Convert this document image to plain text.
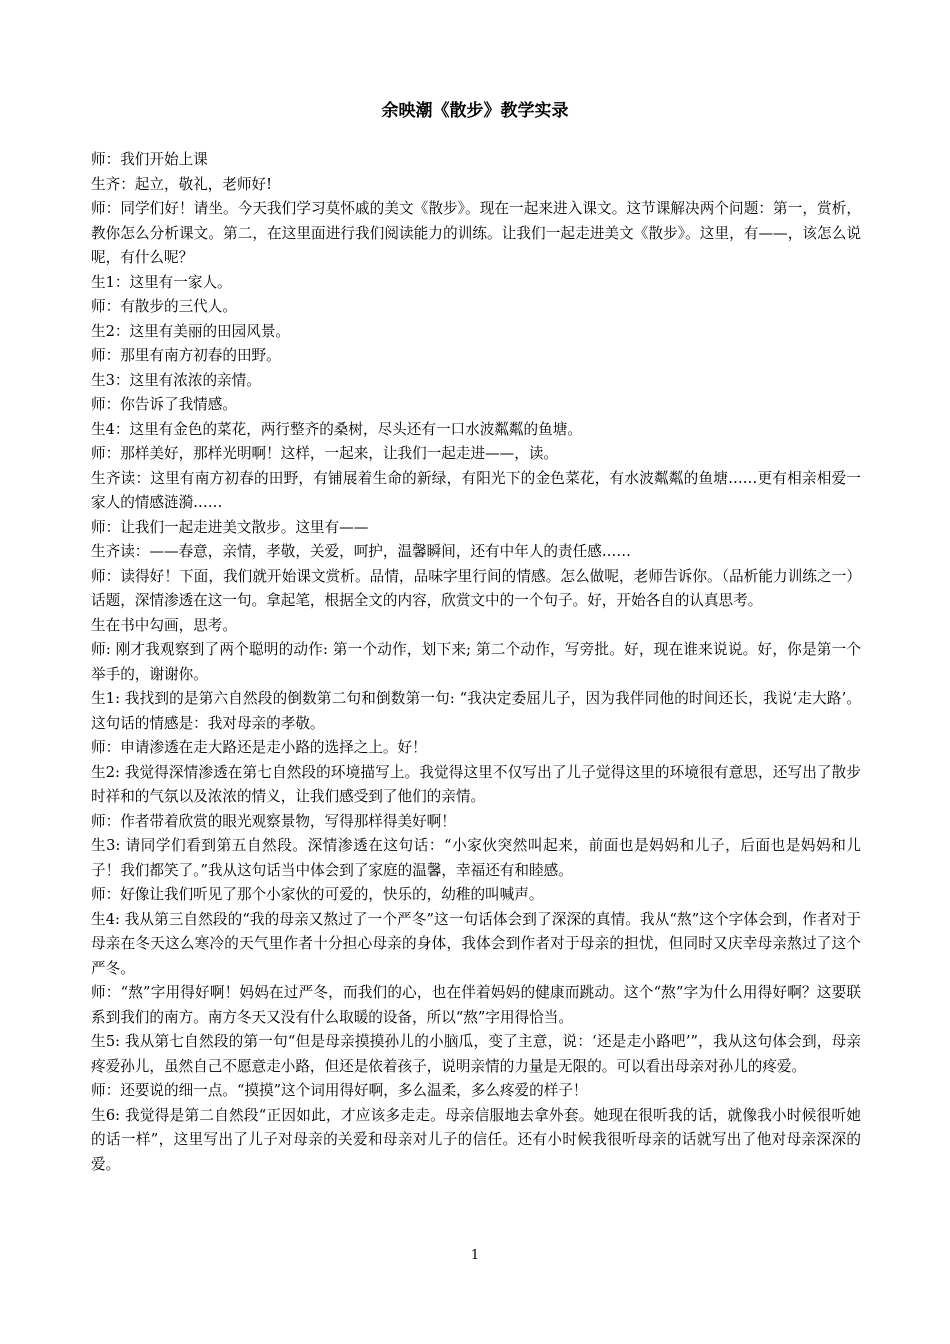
余映潮《散步》教学实录

师：我们开始上课

生齐：起立，敬礼，老师好!

师：同学们好！请坐。今天我们学习莫怀戚的美文《散步》。现在一起来进入课文。这节课解决两个问题：第一，赏析，教你怎么分析课文。第二，在这里面进行我们阅读能力的训练。让我们一起走进美文《散步》。这里，有——，该怎么说呢，有什么呢？

生1：这里有一家人。

师：有散步的三代人。

生2：这里有美丽的田园风景。

师：那里有南方初春的田野。

生3：这里有浓浓的亲情。

师：你告诉了我情感。

生4：这里有金色的菜花，两行整齐的桑树，尽头还有一口水波粼粼的鱼塘。

师：那样美好，那样光明啊！这样，一起来，让我们一起走进——，读。

生齐读：这里有南方初春的田野，有铺展着生命的新绿，有阳光下的金色菜花，有水波粼粼的鱼塘……更有相亲相爱一家人的情感涟漪……

师：让我们一起走进美文散步。这里有——

生齐读：——春意，亲情，孝敬，关爱，呵护，温馨瞬间，还有中年人的责任感……

师：读得好！下面，我们就开始课文赏析。品情，品味字里行间的情感。怎么做呢，老师告诉你。（品析能力训练之一）话题，深情渗透在这一句。拿起笔，根据全文的内容，欣赏文中的一个句子。好，开始各自的认真思考。

生在书中勾画，思考。

师: 刚才我观察到了两个聪明的动作: 第一个动作，划下来; 第二个动作，写旁批。好，现在谁来说说。好，你是第一个举手的，谢谢你。

生1: 我找到的是第六自然段的倒数第二句和倒数第一句: “我决定委屈儿子，因为我伴同他的时间还长，我说‘走大路’。这句话的情感是：我对母亲的孝敬。

师：申请渗透在走大路还是走小路的选择之上。好！

生2: 我觉得深情渗透在第七自然段的环境描写上。我觉得这里不仅写出了儿子觉得这里的环境很有意思，还写出了散步时祥和的气氛以及浓浓的情义，让我们感受到了他们的亲情。

师：作者带着欣赏的眼光观察景物，写得那样得美好啊！

生3: 请同学们看到第五自然段。深情渗透在这句话：“小家伙突然叫起来，前面也是妈妈和儿子，后面也是妈妈和儿子！我们都笑了。”我从这句话当中体会到了家庭的温馨，幸福还有和睦感。

师：好像让我们听见了那个小家伙的可爱的，快乐的，幼稚的叫喊声。

生4: 我从第三自然段的“我的母亲又熬过了一个严冬”这一句话体会到了深深的真情。我从“熬”这个字体会到，作者对于母亲在冬天这么寒冷的天气里作者十分担心母亲的身体，我体会到作者对于母亲的担忧，但同时又庆幸母亲熬过了这个严冬。

师：“熬”字用得好啊！妈妈在过严冬，而我们的心，也在伴着妈妈的健康而跳动。这个“熬”字为什么用得好啊？这要联系到我们的南方。南方冬天又没有什么取暖的设备，所以“熬”字用得恰当。

生5: 我从第七自然段的第一句“但是母亲摸摸孙儿的小脑瓜，变了主意，说：‘还是走小路吧’”，我从这句体会到，母亲疼爱孙儿，虽然自己不愿意走小路，但还是依着孩子，说明亲情的力量是无限的。可以看出母亲对孙儿的疼爱。

师：还要说的细一点。“摸摸”这个词用得好啊，多么温柔，多么疼爱的样子！

生6: 我觉得是第二自然段“正因如此，才应该多走走。母亲信服地去拿外套。她现在很听我的话，就像我小时候很听她的话一样”，这里写出了儿子对母亲的关爱和母亲对儿子的信任。还有小时候我很听母亲的话就写出了他对母亲深深的爱。

1
